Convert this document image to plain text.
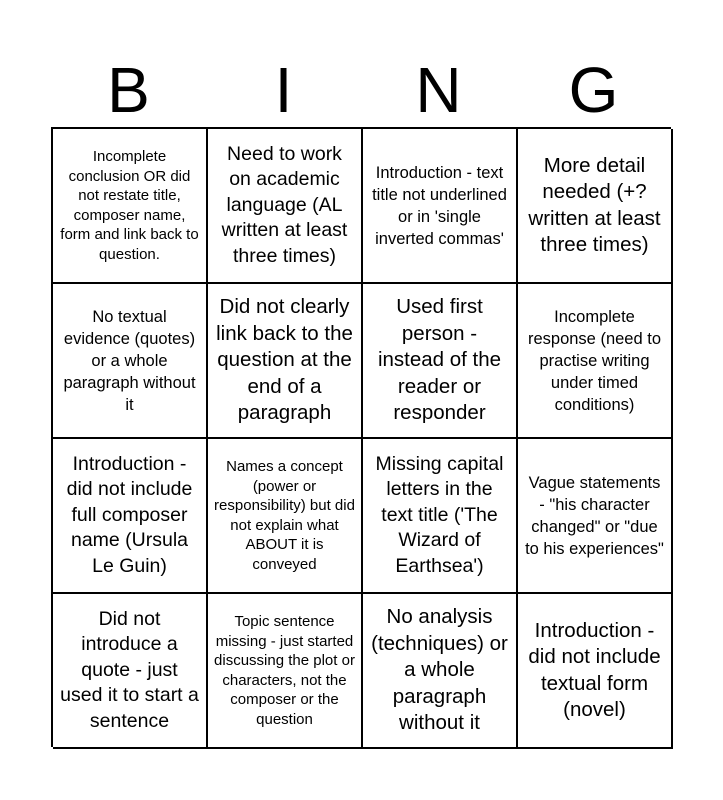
B	I	N	G
Incomplete conclusion OR did not restate title, composer name, form and link back to question.
Need to work on academic language (AL written at least three times)
Introduction - text title not underlined or in 'single inverted commas'
More detail needed (+? written at least three times)
No textual evidence (quotes) or a whole paragraph without it
Did not clearly link back to the question at the end of a paragraph
Used first person - instead of the reader or responder
Incomplete response (need to practise writing under timed conditions)
Introduction - did not include full composer name (Ursula Le Guin)
Names a concept (power or responsibility) but did not explain what ABOUT it is conveyed
Missing capital letters in the text title ('The Wizard of Earthsea')
Vague statements - "his character changed" or "due to his experiences"
Did not introduce a quote - just used it to start a sentence
Topic sentence missing - just started discussing the plot or characters, not the composer or the question
No analysis (techniques) or a whole paragraph without it
Introduction - did not include textual form (novel)
